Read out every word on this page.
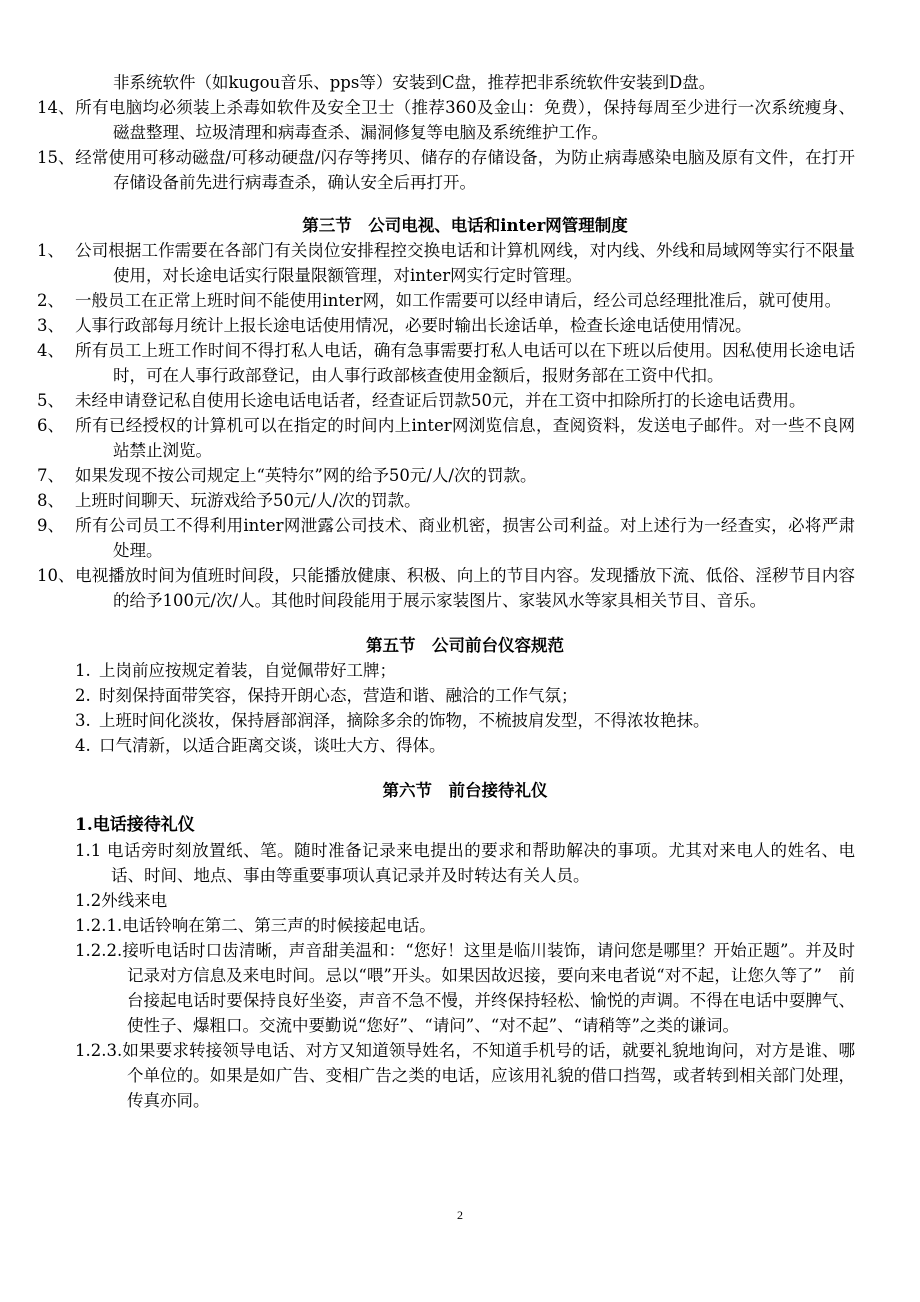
非系统软件（如kugou音乐、pps等）安装到C盘，推荐把非系统软件安装到D盘。

14、所有电脑均必须装上杀毒如软件及安全卫士（推荐360及金山：免费），保持每周至少进行一次系统瘦身、磁盘整理、垃圾清理和病毒查杀、漏洞修复等电脑及系统维护工作。

15、经常使用可移动磁盘/可移动硬盘/闪存等拷贝、储存的存储设备，为防止病毒感染电脑及原有文件，在打开存储设备前先进行病毒查杀，确认安全后再打开。

第三节　公司电视、电话和inter网管理制度

1、 公司根据工作需要在各部门有关岗位安排程控交换电话和计算机网线，对内线、外线和局域网等实行不限量使用，对长途电话实行限量限额管理，对inter网实行定时管理。

2、 一般员工在正常上班时间不能使用inter网，如工作需要可以经申请后，经公司总经理批准后，就可使用。

3、 人事行政部每月统计上报长途电话使用情况，必要时输出长途话单，检查长途电话使用情况。

4、 所有员工上班工作时间不得打私人电话，确有急事需要打私人电话可以在下班以后使用。因私使用长途电话时，可在人事行政部登记，由人事行政部核查使用金额后，报财务部在工资中代扣。

5、 未经申请登记私自使用长途电话电话者，经查证后罚款50元，并在工资中扣除所打的长途电话费用。

6、 所有已经授权的计算机可以在指定的时间内上inter网浏览信息，查阅资料，发送电子邮件。对一些不良网站禁止浏览。

7、 如果发现不按公司规定上“英特尔”网的给予50元/人/次的罚款。

8、 上班时间聊天、玩游戏给予50元/人/次的罚款。

9、 所有公司员工不得利用inter网泄露公司技术、商业机密，损害公司利益。对上述行为一经查实，必将严肃处理。

10、电视播放时间为值班时间段，只能播放健康、积极、向上的节目内容。发现播放下流、低俗、淫秽节目内容的给予100元/次/人。其他时间段能用于展示家装图片、家装风水等家具相关节目、音乐。

第五节　公司前台仪容规范

1. 上岗前应按规定着装，自觉佩带好工牌；

2. 时刻保持面带笑容，保持开朗心态，营造和谐、融洽的工作气氛；

3. 上班时间化淡妆，保持唇部润泽，摘除多余的饰物，不梳披肩发型，不得浓妆艳抹。

4. 口气清新，以适合距离交谈，谈吐大方、得体。

第六节　前台接待礼仪

1.电话接待礼仪

1.1 电话旁时刻放置纸、笔。随时准备记录来电提出的要求和帮助解决的事项。尤其对来电人的姓名、电话、时间、地点、事由等重要事项认真记录并及时转达有关人员。

1.2外线来电

1.2.1.电话铃响在第二、第三声的时候接起电话。

1.2.2.接听电话时口齿清晰，声音甜美温和：“您好！这里是临川装饰，请问您是哪里？开始正题”。并及时记录对方信息及来电时间。忌以“喂”开头。如果因故迟接，要向来电者说“对不起，让您久等了”　前台接起电话时要保持良好坐姿，声音不急不慢，并终保持轻松、愉悦的声调。不得在电话中耍脾气、使性子、爆粗口。交流中要勤说“您好”、“请问”、“对不起”、“请稍等”之类的谦词。

1.2.3.如果要求转接领导电话、对方又知道领导姓名，不知道手机号的话，就要礼貌地询问，对方是谁、哪个单位的。如果是如广告、变相广告之类的电话，应该用礼貌的借口挡驾，或者转到相关部门处理，传真亦同。

2
